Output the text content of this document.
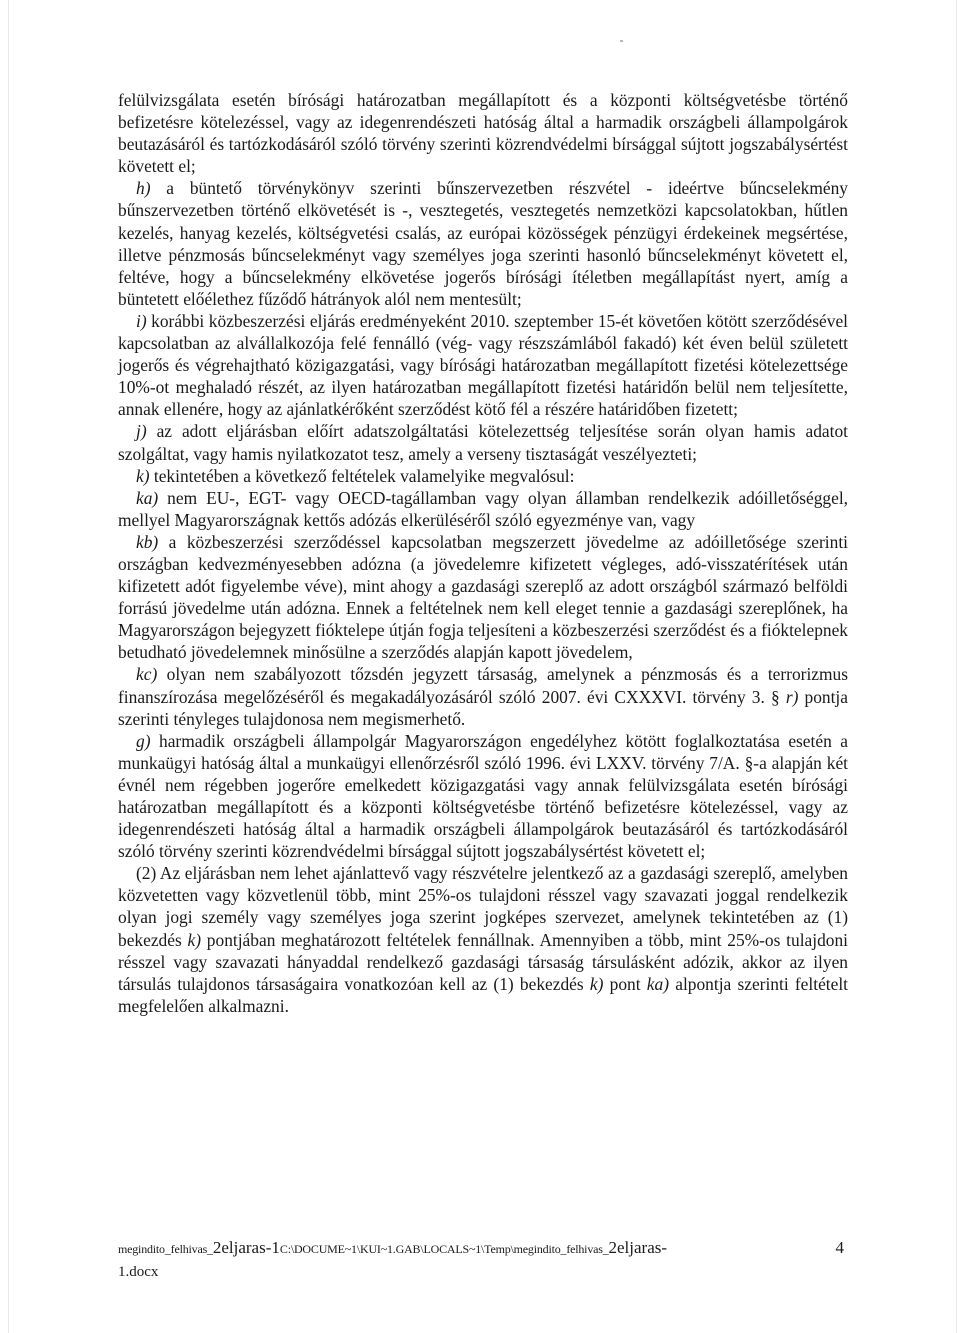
felülvizsgálata esetén bírósági határozatban megállapított és a központi költségvetésbe történő befizetésre kötelezéssel, vagy az idegenrendészeti hatóság által a harmadik országbeli állampolgárok beutazásáról és tartózkodásáról szóló törvény szerinti közrendvédelmi bírsággal sújtott jogszabálysértést követett el;

h) a büntető törvénykönyv szerinti bűnszervezetben részvétel - ideértve bűncselekmény bűnszervezetben történő elkövetését is -, vesztegetés, vesztegetés nemzetközi kapcsolatokban, hűtlen kezelés, hanyag kezelés, költségvetési csalás, az európai közösségek pénzügyi érdekeinek megsértése, illetve pénzmosás bűncselekményt vagy személyes joga szerinti hasonló bűncselekményt követett el, feltéve, hogy a bűncselekmény elkövetése jogerős bírósági ítéletben megállapítást nyert, amíg a büntetett előélethez fűződő hátrányok alól nem mentesült;

i) korábbi közbeszerzési eljárás eredményeként 2010. szeptember 15-ét követően kötött szerződésével kapcsolatban az alvállalkozója felé fennálló (vég- vagy részszámlából fakadó) két éven belül született jogerős és végrehajtható közigazgatási, vagy bírósági határozatban megállapított fizetési kötelezettsége 10%-ot meghaladó részét, az ilyen határozatban megállapított fizetési határidőn belül nem teljesítette, annak ellenére, hogy az ajánlatkérőként szerződést kötő fél a részére határidőben fizetett;

j) az adott eljárásban előírt adatszolgáltatási kötelezettség teljesítése során olyan hamis adatot szolgáltat, vagy hamis nyilatkozatot tesz, amely a verseny tisztaságát veszélyezteti;

k) tekintetében a következő feltételek valamelyike megvalósul:

ka) nem EU-, EGT- vagy OECD-tagállamban vagy olyan államban rendelkezik adóilletőséggel, mellyel Magyarországnak kettős adózás elkerüléséről szóló egyezménye van, vagy

kb) a közbeszerzési szerződéssel kapcsolatban megszerzett jövedelme az adóilletősége szerinti országban kedvezményesebben adózna (a jövedelemre kifizetett végleges, adó-visszatérítések után kifizetett adót figyelembe véve), mint ahogy a gazdasági szereplő az adott országból származó belföldi forrású jövedelme után adózna. Ennek a feltételnek nem kell eleget tennie a gazdasági szereplőnek, ha Magyarországon bejegyzett fióktelepe útján fogja teljesíteni a közbeszerzési szerződést és a fióktelepnek betudható jövedelemnek minősülne a szerződés alapján kapott jövedelem,

kc) olyan nem szabályozott tőzsdén jegyzett társaság, amelynek a pénzmosás és a terrorizmus finanszírozása megelőzéséről és megakadályozásáról szóló 2007. évi CXXXVI. törvény 3. § r) pontja szerinti tényleges tulajdonosa nem megismerhető.

g) harmadik országbeli állampolgár Magyarországon engedélyhez kötött foglalkoztatása esetén a munkaügyi hatóság által a munkaügyi ellenőrzésről szóló 1996. évi LXXV. törvény 7/A. §-a alapján két évnél nem régebben jogerőre emelkedett közigazgatási vagy annak felülvizsgálata esetén bírósági határozatban megállapított és a központi költségvetésbe történő befizetésre kötelezéssel, vagy az idegenrendészeti hatóság által a harmadik országbeli állampolgárok beutazásáról és tartózkodásáról szóló törvény szerinti közrendvédelmi bírsággal sújtott jogszabálysértést követett el;

(2) Az eljárásban nem lehet ajánlattevő vagy részvételre jelentkező az a gazdasági szereplő, amelyben közvetetten vagy közvetlenül több, mint 25%-os tulajdoni résszel vagy szavazati joggal rendelkezik olyan jogi személy vagy személyes joga szerint jogképes szervezet, amelynek tekintetében az (1) bekezdés k) pontjában meghatározott feltételek fennállnak. Amennyiben a több, mint 25%-os tulajdoni résszel vagy szavazati hányaddal rendelkező gazdasági társaság társulásként adózik, akkor az ilyen társulás tulajdonos társaságaira vonatkozóan kell az (1) bekezdés k) pont ka) alpontja szerinti feltételt megfelelően alkalmazni.

megindito_felhivas_2eljaras-1C:\DOCUME~1\KUI~1.GAB\LOCALS~1\Temp\megindito_felhivas_2eljaras-
1.docx
4
